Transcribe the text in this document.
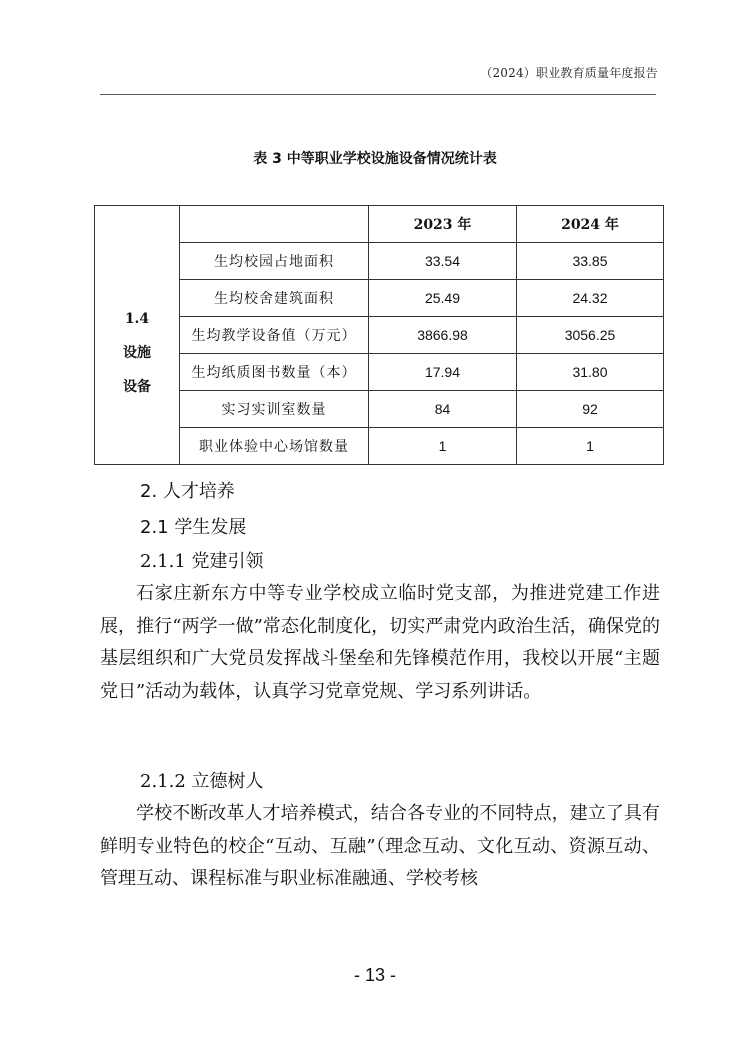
（2024）职业教育质量年度报告
表 3 中等职业学校设施设备情况统计表
1.4
设施
设备		2023 年	2024 年
	生均校园占地面积	33.54	33.85
	生均校舍建筑面积	25.49	24.32
	生均教学设备值（万元）	3866.98	3056.25
	生均纸质图书数量（本）	17.94	31.80
	实习实训室数量	84	92
	职业体验中心场馆数量	1	1
2. 人才培养
2.1 学生发展
2.1.1 党建引领

石家庄新东方中等专业学校成立临时党支部，为推进党建工作进展，推行“两学一做”常态化制度化，切实严肃党内政治生活，确保党的基层组织和广大党员发挥战斗堡垒和先锋模范作用，我校以开展“主题党日”活动为载体，认真学习党章党规、学习系列讲话。

2.1.2 立德树人

学校不断改革人才培养模式，结合各专业的不同特点，建立了具有鲜明专业特色的校企“互动、互融”（理念互动、文化互动、资源互动、管理互动、课程标准与职业标准融通、学校考核

- 13 -
